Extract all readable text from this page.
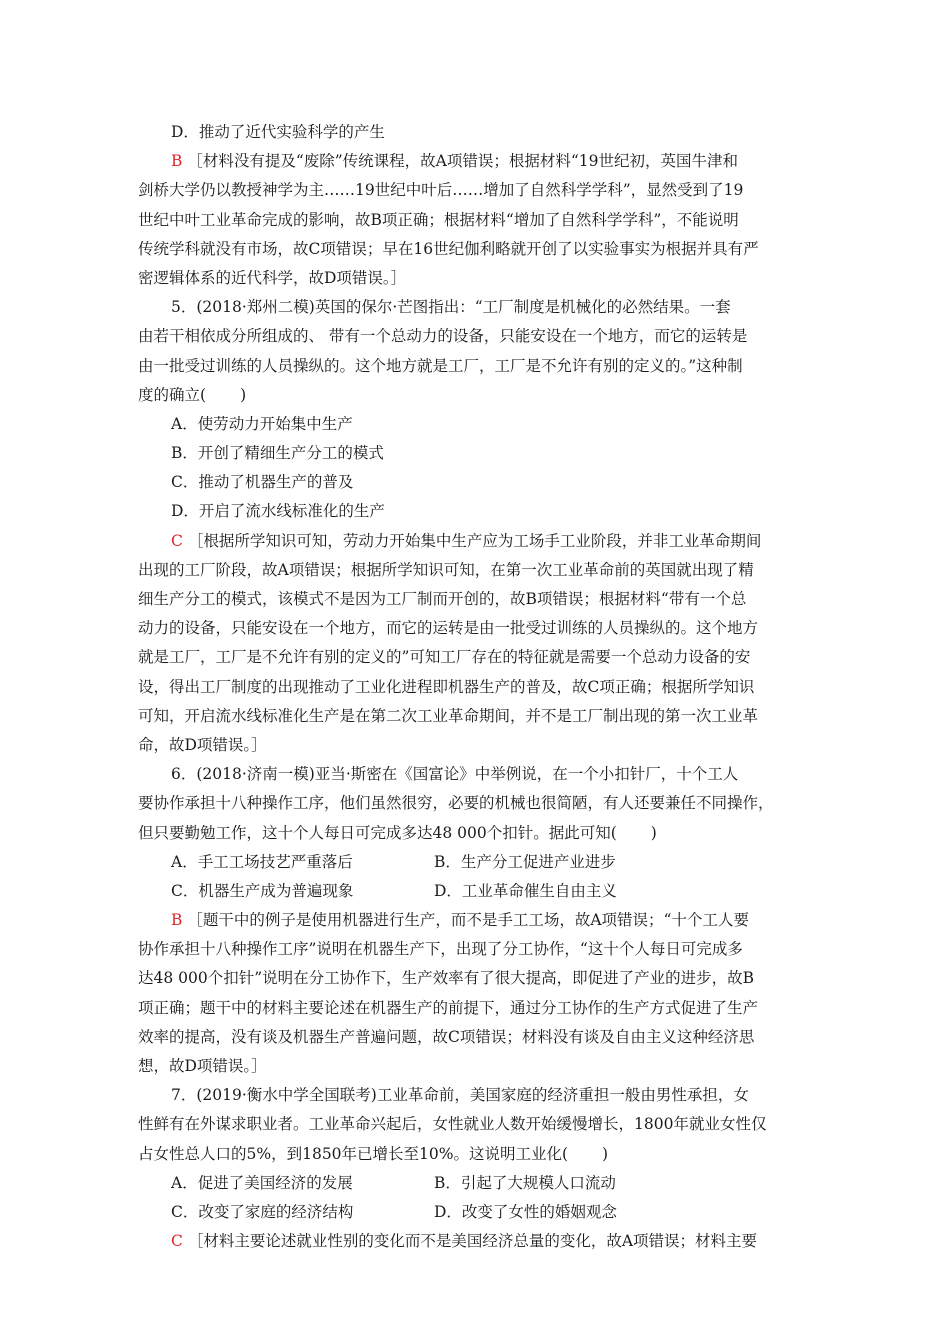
D．推动了近代实验科学的产生
B ［材料没有提及“废除”传统课程，故A项错误；根据材料“19世纪初，英国牛津和
剑桥大学仍以教授神学为主……19世纪中叶后……增加了自然科学学科”，显然受到了19
世纪中叶工业革命完成的影响，故B项正确；根据材料“增加了自然科学学科”，不能说明
传统学科就没有市场，故C项错误；早在16世纪伽利略就开创了以实验事实为根据并具有严
密逻辑体系的近代科学，故D项错误。］
5．(2018·郑州二模)英国的保尔·芒图指出：“工厂制度是机械化的必然结果。一套
由若干相依成分所组成的、 带有一个总动力的设备，只能安设在一个地方，而它的运转是
由一批受过训练的人员操纵的。这个地方就是工厂，工厂是不允许有别的定义的。”这种制
度的确立( )
A．使劳动力开始集中生产
B．开创了精细生产分工的模式
C．推动了机器生产的普及
D．开启了流水线标准化的生产
C ［根据所学知识可知，劳动力开始集中生产应为工场手工业阶段，并非工业革命期间
出现的工厂阶段，故A项错误；根据所学知识可知，在第一次工业革命前的英国就出现了精
细生产分工的模式，该模式不是因为工厂制而开创的，故B项错误；根据材料“带有一个总
动力的设备，只能安设在一个地方，而它的运转是由一批受过训练的人员操纵的。这个地方
就是工厂，工厂是不允许有别的定义的”可知工厂存在的特征就是需要一个总动力设备的安
设，得出工厂制度的出现推动了工业化进程即机器生产的普及，故C项正确；根据所学知识
可知，开启流水线标准化生产是在第二次工业革命期间，并不是工厂制出现的第一次工业革
命，故D项错误。］
6．(2018·济南一模)亚当·斯密在《国富论》中举例说，在一个小扣针厂，十个工人
要协作承担十八种操作工序，他们虽然很穷，必要的机械也很简陋，有人还要兼任不同操作，
但只要勤勉工作，这十个人每日可完成多达48 000个扣针。据此可知( )
A．手工工场技艺严重落后	B．生产分工促进产业进步
C．机器生产成为普遍现象	D．工业革命催生自由主义
B ［题干中的例子是使用机器进行生产，而不是手工工场，故A项错误；“十个工人要
协作承担十八种操作工序”说明在机器生产下，出现了分工协作，“这十个人每日可完成多
达48 000个扣针”说明在分工协作下，生产效率有了很大提高，即促进了产业的进步，故B
项正确；题干中的材料主要论述在机器生产的前提下，通过分工协作的生产方式促进了生产
效率的提高，没有谈及机器生产普遍问题，故C项错误；材料没有谈及自由主义这种经济思
想，故D项错误。］
7．(2019·衡水中学全国联考)工业革命前，美国家庭的经济重担一般由男性承担，女
性鲜有在外谋求职业者。工业革命兴起后，女性就业人数开始缓慢增长，1800年就业女性仅
占女性总人口的5%，到1850年已增长至10%。这说明工业化( )
A．促进了美国经济的发展	B．引起了大规模人口流动
C．改变了家庭的经济结构	D．改变了女性的婚姻观念
C ［材料主要论述就业性别的变化而不是美国经济总量的变化，故A项错误；材料主要
